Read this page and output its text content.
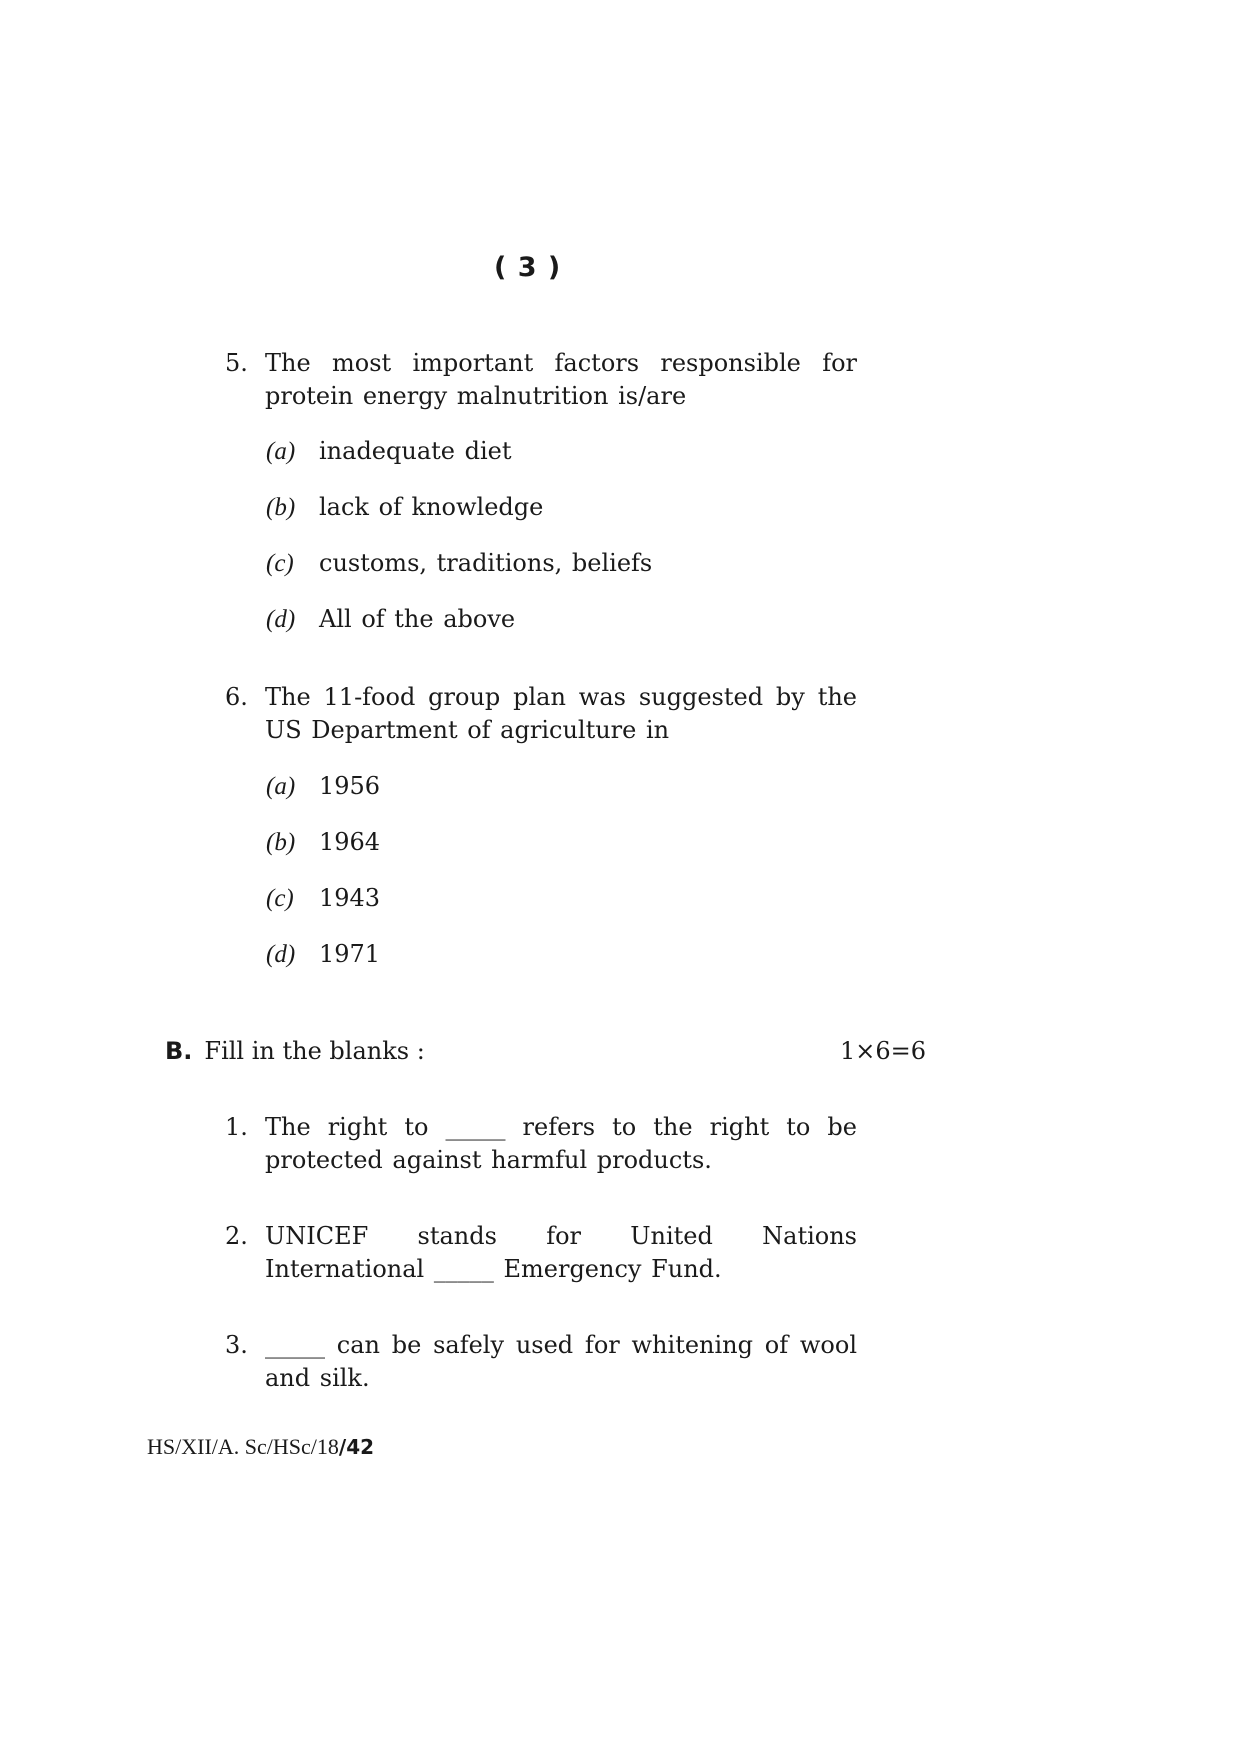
( 3 )
5. The most important factors responsible for protein energy malnutrition is/are
(a) inadequate diet
(b) lack of knowledge
(c) customs, traditions, beliefs
(d) All of the above
6. The 11-food group plan was suggested by the US Department of agriculture in
(a) 1956
(b) 1964
(c) 1943
(d) 1971
B. Fill in the blanks :	1×6=6
1. The right to _____ refers to the right to be protected against harmful products.
2. UNICEF stands for United Nations International _____ Emergency Fund.
3. _____ can be safely used for whitening of wool and silk.
HS/XII/A. Sc/HSc/18/42
